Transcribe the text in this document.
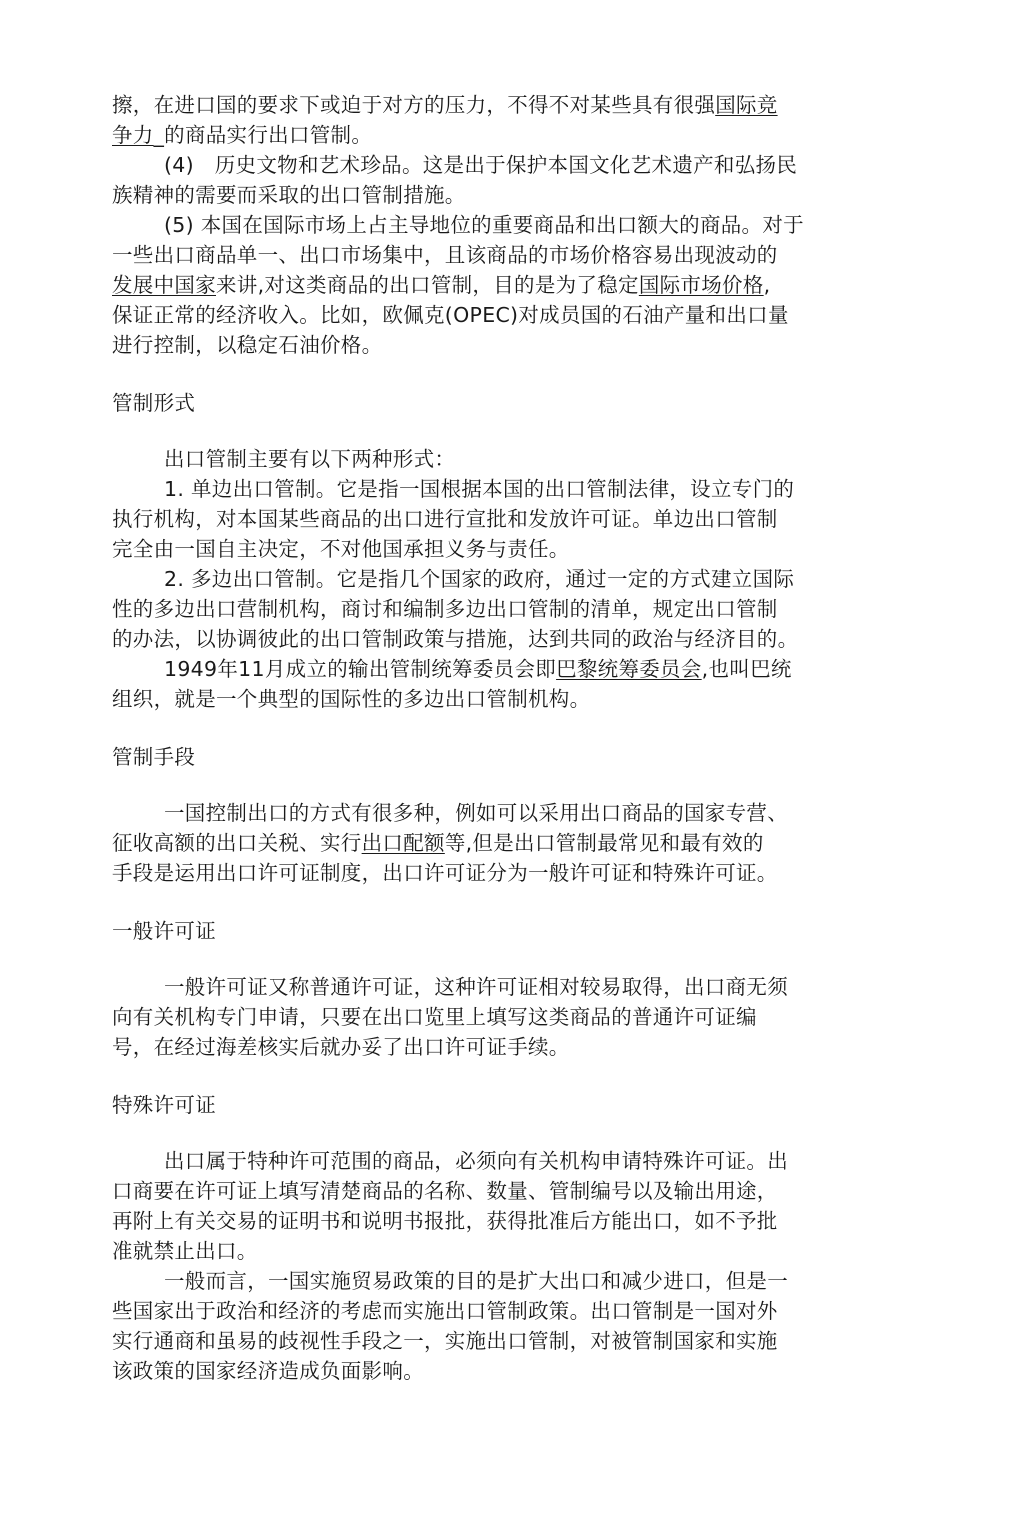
擦，在进口国的要求下或迫于对方的压力，不得不对某些具有很强国际竞
争力_的商品实行出口管制。

(4)　历史文物和艺术珍品。这是出于保护本国文化艺术遗产和弘扬民
族精神的需要而采取的出口管制措施。

(5) 本国在国际市场上占主导地位的重要商品和出口额大的商品。对于
一些出口商品单一、出口市场集中，且该商品的市场价格容易出现波动的
发展中国家来讲,对这类商品的出口管制，目的是为了稳定国际市场价格,
保证正常的经济收入。比如，欧佩克(OPEC)对成员国的石油产量和出口量
进行控制，以稳定石油价格。

管制形式

出口管制主要有以下两种形式：

1. 单边出口管制。它是指一国根据本国的出口管制法律，设立专门的
执行机构，对本国某些商品的出口进行宣批和发放许可证。单边出口管制
完全由一国自主决定，不对他国承担义务与责任。

2. 多边出口管制。它是指几个国家的政府，通过一定的方式建立国际
性的多边出口营制机构，商讨和编制多边出口管制的清单，规定出口管制
的办法，以协调彼此的出口管制政策与措施，达到共同的政治与经济目的。

1949年11月成立的输出管制统筹委员会即巴黎统筹委员会,也叫巴统
组织，就是一个典型的国际性的多边出口管制机构。

管制手段

一国控制出口的方式有很多种，例如可以采用出口商品的国家专营、
征收高额的出口关税、实行出口配额等,但是出口管制最常见和最有效的
手段是运用出口许可证制度，出口许可证分为一般许可证和特殊许可证。

一般许可证

一般许可证又称普通许可证，这种许可证相对较易取得，出口商无须
向有关机构专门申请，只要在出口览里上填写这类商品的普通许可证编
号，在经过海差核实后就办妥了出口许可证手续。

特殊许可证

出口属于特种许可范围的商品，必须向有关机构申请特殊许可证。出
口商要在许可证上填写清楚商品的名称、数量、管制编号以及输出用途，
再附上有关交易的证明书和说明书报批，获得批准后方能出口，如不予批
准就禁止出口。

一般而言，一国实施贸易政策的目的是扩大出口和减少进口，但是一
些国家出于政治和经济的考虑而实施出口管制政策。出口管制是一国对外
实行通商和虽易的歧视性手段之一，实施出口管制，对被管制国家和实施
该政策的国家经济造成负面影响。
